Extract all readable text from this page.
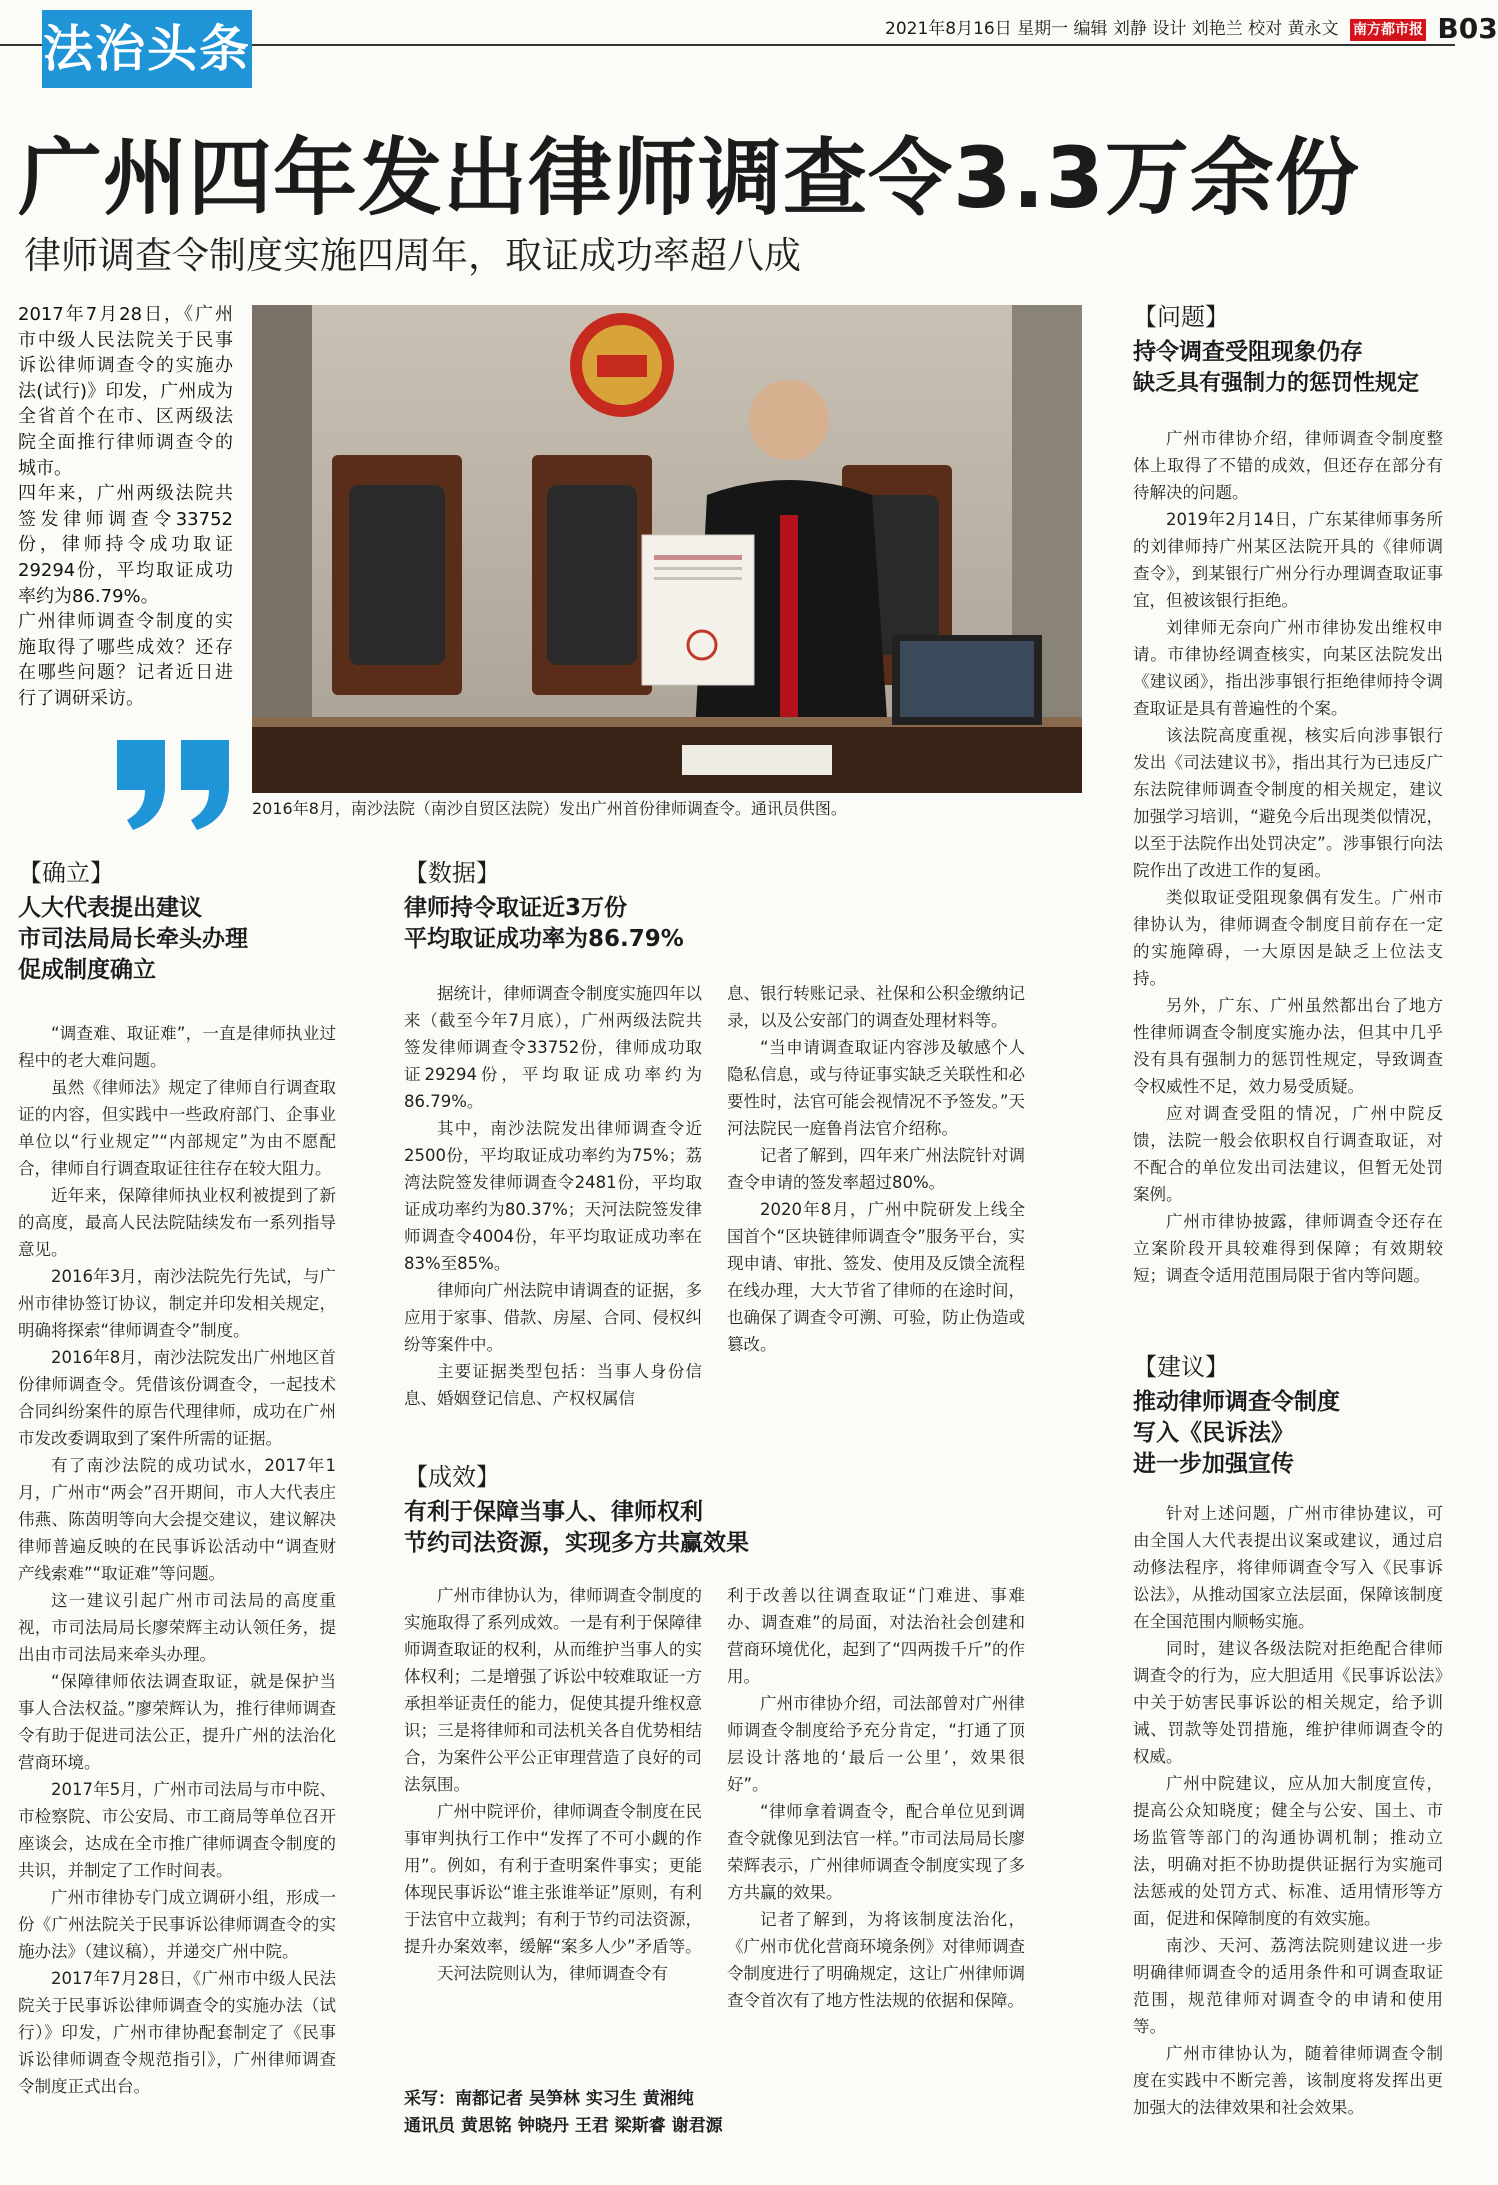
法治头条	2021年8月16日 星期一 编辑 刘静 设计 刘艳兰 校对 黄永文 南方都市报 B03
广州四年发出律师调查令3.3万余份
律师调查令制度实施四周年，取证成功率超八成

2017年7月28日，《广州市中级人民法院关于民事诉讼律师调查令的实施办法(试行)》印发，广州成为全省首个在市、区两级法院全面推行律师调查令的城市。

四年来，广州两级法院共签发律师调查令33752份，律师持令成功取证29294份，平均取证成功率约为86.79%。

广州律师调查令制度的实施取得了哪些成效？还存在哪些问题？记者近日进行了调研采访。

2016年8月，南沙法院（南沙自贸区法院）发出广州首份律师调查令。通讯员供图。
【确立】
人大代表提出建议
市司法局局长牵头办理
促成制度确立

“调查难、取证难”，一直是律师执业过程中的老大难问题。

虽然《律师法》规定了律师自行调查取证的内容，但实践中一些政府部门、企事业单位以“行业规定”“内部规定”为由不愿配合，律师自行调查取证往往存在较大阻力。

近年来，保障律师执业权利被提到了新的高度，最高人民法院陆续发布一系列指导意见。

2016年3月，南沙法院先行先试，与广州市律协签订协议，制定并印发相关规定，明确将探索“律师调查令”制度。

2016年8月，南沙法院发出广州地区首份律师调查令。凭借该份调查令，一起技术合同纠纷案件的原告代理律师，成功在广州市发改委调取到了案件所需的证据。

有了南沙法院的成功试水，2017年1月，广州市“两会”召开期间，市人大代表庄伟燕、陈茵明等向大会提交建议，建议解决律师普遍反映的在民事诉讼活动中“调查财产线索难”“取证难”等问题。

这一建议引起广州市司法局的高度重视，市司法局局长廖荣辉主动认领任务，提出由市司法局来牵头办理。

“保障律师依法调查取证，就是保护当事人合法权益。”廖荣辉认为，推行律师调查令有助于促进司法公正，提升广州的法治化营商环境。

2017年5月，广州市司法局与市中院、市检察院、市公安局、市工商局等单位召开座谈会，达成在全市推广律师调查令制度的共识，并制定了工作时间表。

广州市律协专门成立调研小组，形成一份《广州法院关于民事诉讼律师调查令的实施办法》（建议稿），并递交广州中院。

2017年7月28日，《广州市中级人民法院关于民事诉讼律师调查令的实施办法（试行）》印发，广州市律协配套制定了《民事诉讼律师调查令规范指引》，广州律师调查令制度正式出台。

【数据】
律师持令取证近3万份
平均取证成功率为86.79%

据统计，律师调查令制度实施四年以来（截至今年7月底），广州两级法院共签发律师调查令33752份，律师成功取证29294份，平均取证成功率约为86.79%。

其中，南沙法院发出律师调查令近2500份，平均取证成功率约为75%；荔湾法院签发律师调查令2481份，平均取证成功率约为80.37%；天河法院签发律师调查令4004份，年平均取证成功率在83%至85%。

律师向广州法院申请调查的证据，多应用于家事、借款、房屋、合同、侵权纠纷等案件中。

主要证据类型包括：当事人身份信息、婚姻登记信息、产权权属信

息、银行转账记录、社保和公积金缴纳记录，以及公安部门的调查处理材料等。

“当申请调查取证内容涉及敏感个人隐私信息，或与待证事实缺乏关联性和必要性时，法官可能会视情况不予签发。”天河法院民一庭鲁肖法官介绍称。

记者了解到，四年来广州法院针对调查令申请的签发率超过80%。

2020年8月，广州中院研发上线全国首个“区块链律师调查令”服务平台，实现申请、审批、签发、使用及反馈全流程在线办理，大大节省了律师的在途时间，也确保了调查令可溯、可验，防止伪造或篡改。

【成效】
有利于保障当事人、律师权利
节约司法资源，实现多方共赢效果

广州市律协认为，律师调查令制度的实施取得了系列成效。一是有利于保障律师调查取证的权利，从而维护当事人的实体权利；二是增强了诉讼中较难取证一方承担举证责任的能力，促使其提升维权意识；三是将律师和司法机关各自优势相结合，为案件公平公正审理营造了良好的司法氛围。

广州中院评价，律师调查令制度在民事审判执行工作中“发挥了不可小觑的作用”。例如，有利于查明案件事实；更能体现民事诉讼“谁主张谁举证”原则，有利于法官中立裁判；有利于节约司法资源，提升办案效率，缓解“案多人少”矛盾等。

天河法院则认为，律师调查令有

利于改善以往调查取证“门难进、事难办、调查难”的局面，对法治社会创建和营商环境优化，起到了“四两拨千斤”的作用。

广州市律协介绍，司法部曾对广州律师调查令制度给予充分肯定，“打通了顶层设计落地的‘最后一公里’，效果很好”。

“律师拿着调查令，配合单位见到调查令就像见到法官一样。”市司法局局长廖荣辉表示，广州律师调查令制度实现了多方共赢的效果。

记者了解到，为将该制度法治化，《广州市优化营商环境条例》对律师调查令制度进行了明确规定，这让广州律师调查令首次有了地方性法规的依据和保障。

采写：南都记者 吴笋林 实习生 黄湘纯
通讯员 黄思铭 钟晓丹 王君 梁斯睿 谢君源
【问题】
持令调查受阻现象仍存
缺乏具有强制力的惩罚性规定

广州市律协介绍，律师调查令制度整体上取得了不错的成效，但还存在部分有待解决的问题。

2019年2月14日，广东某律师事务所的刘律师持广州某区法院开具的《律师调查令》，到某银行广州分行办理调查取证事宜，但被该银行拒绝。

刘律师无奈向广州市律协发出维权申请。市律协经调查核实，向某区法院发出《建议函》，指出涉事银行拒绝律师持令调查取证是具有普遍性的个案。

该法院高度重视，核实后向涉事银行发出《司法建议书》，指出其行为已违反广东法院律师调查令制度的相关规定，建议加强学习培训，“避免今后出现类似情况，以至于法院作出处罚决定”。涉事银行向法院作出了改进工作的复函。

类似取证受阻现象偶有发生。广州市律协认为，律师调查令制度目前存在一定的实施障碍，一大原因是缺乏上位法支持。

另外，广东、广州虽然都出台了地方性律师调查令制度实施办法，但其中几乎没有具有强制力的惩罚性规定，导致调查令权威性不足，效力易受质疑。

应对调查受阻的情况，广州中院反馈，法院一般会依职权自行调查取证，对不配合的单位发出司法建议，但暂无处罚案例。

广州市律协披露，律师调查令还存在立案阶段开具较难得到保障；有效期较短；调查令适用范围局限于省内等问题。

【建议】
推动律师调查令制度
写入《民诉法》
进一步加强宣传

针对上述问题，广州市律协建议，可由全国人大代表提出议案或建议，通过启动修法程序，将律师调查令写入《民事诉讼法》，从推动国家立法层面，保障该制度在全国范围内顺畅实施。

同时，建议各级法院对拒绝配合律师调查令的行为，应大胆适用《民事诉讼法》中关于妨害民事诉讼的相关规定，给予训诫、罚款等处罚措施，维护律师调查令的权威。

广州中院建议，应从加大制度宣传，提高公众知晓度；健全与公安、国土、市场监管等部门的沟通协调机制；推动立法，明确对拒不协助提供证据行为实施司法惩戒的处罚方式、标准、适用情形等方面，促进和保障制度的有效实施。

南沙、天河、荔湾法院则建议进一步明确律师调查令的适用条件和可调查取证范围，规范律师对调查令的申请和使用等。

广州市律协认为，随着律师调查令制度在实践中不断完善，该制度将发挥出更加强大的法律效果和社会效果。
